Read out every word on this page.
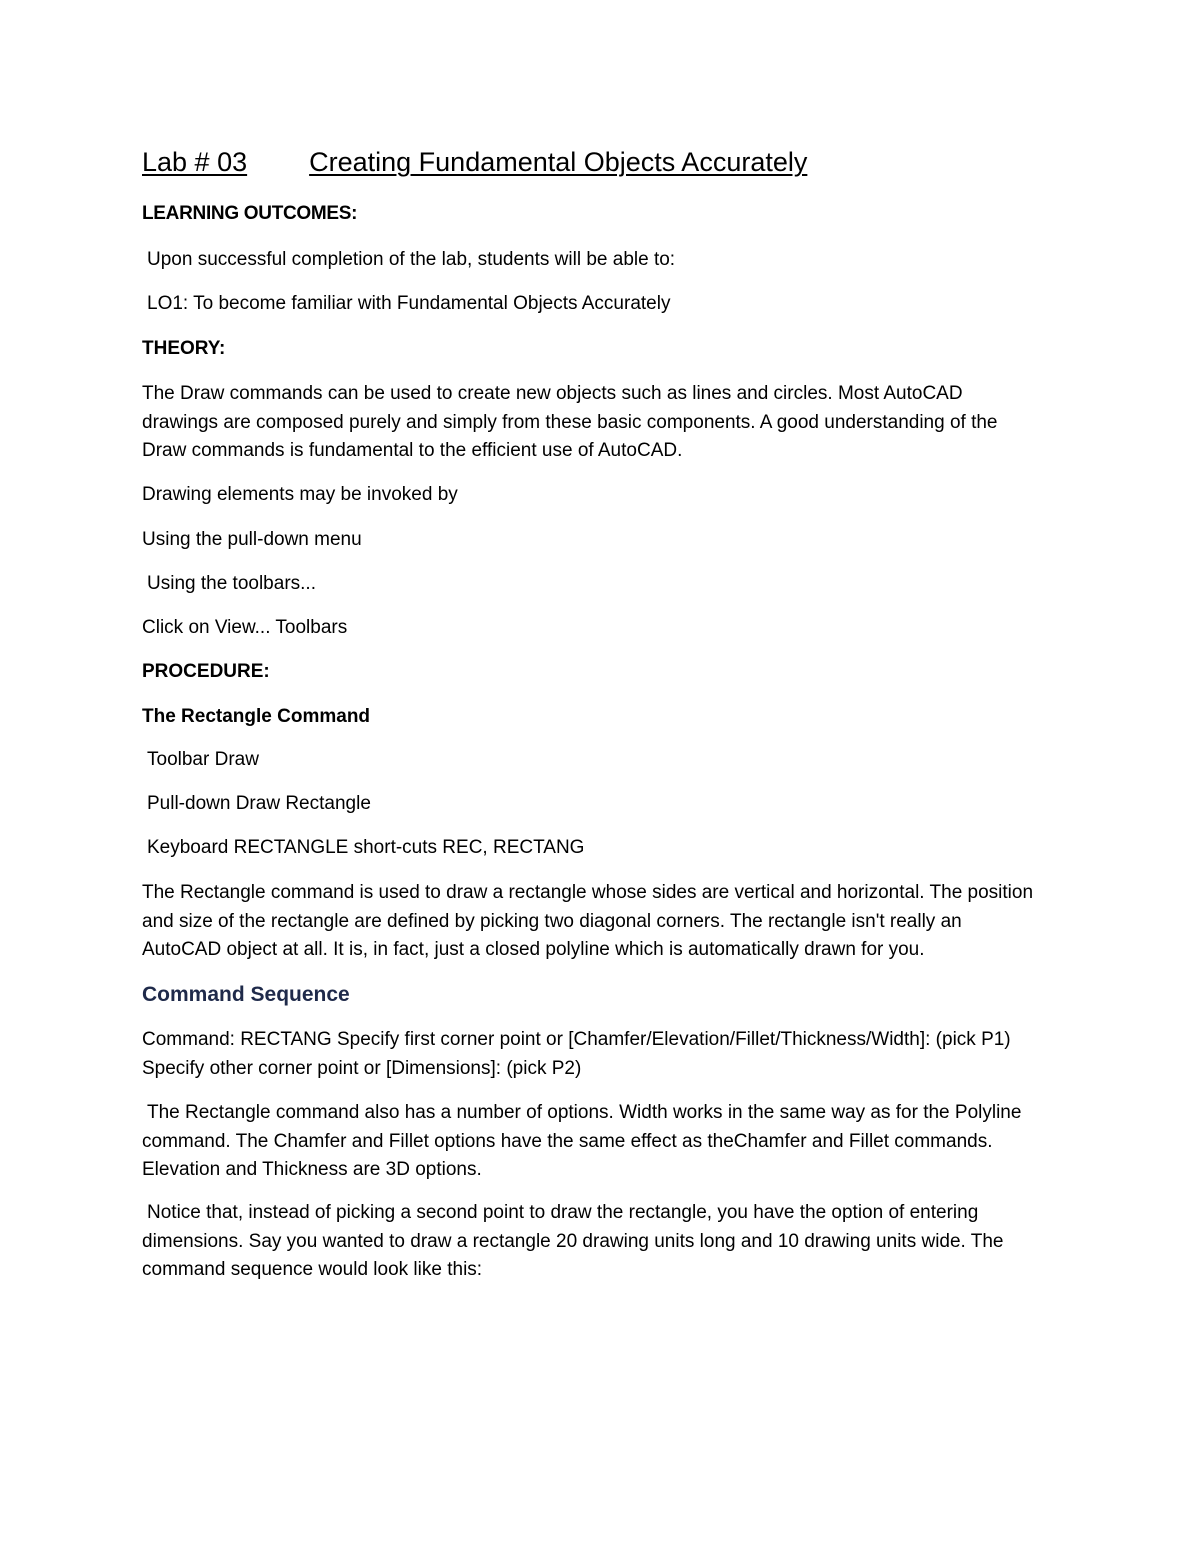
Lab # 03 Creating Fundamental Objects Accurately
LEARNING OUTCOMES:
Upon successful completion of the lab, students will be able to:
LO1: To become familiar with Fundamental Objects Accurately
THEORY:
The Draw commands can be used to create new objects such as lines and circles. Most AutoCAD
drawings are composed purely and simply from these basic components. A good understanding of the
Draw commands is fundamental to the efficient use of AutoCAD.
Drawing elements may be invoked by
Using the pull-down menu
Using the toolbars...
Click on View... Toolbars
PROCEDURE:
The Rectangle Command
Toolbar Draw
Pull-down Draw Rectangle
Keyboard RECTANGLE short-cuts REC, RECTANG
The Rectangle command is used to draw a rectangle whose sides are vertical and horizontal. The position
and size of the rectangle are defined by picking two diagonal corners. The rectangle isn't really an
AutoCAD object at all. It is, in fact, just a closed polyline which is automatically drawn for you.
Command Sequence
Command: RECTANG Specify first corner point or [Chamfer/Elevation/Fillet/Thickness/Width]: (pick P1)
Specify other corner point or [Dimensions]: (pick P2)
The Rectangle command also has a number of options. Width works in the same way as for the Polyline
command. The Chamfer and Fillet options have the same effect as theChamfer and Fillet commands.
Elevation and Thickness are 3D options.
Notice that, instead of picking a second point to draw the rectangle, you have the option of entering
dimensions. Say you wanted to draw a rectangle 20 drawing units long and 10 drawing units wide. The
command sequence would look like this:
